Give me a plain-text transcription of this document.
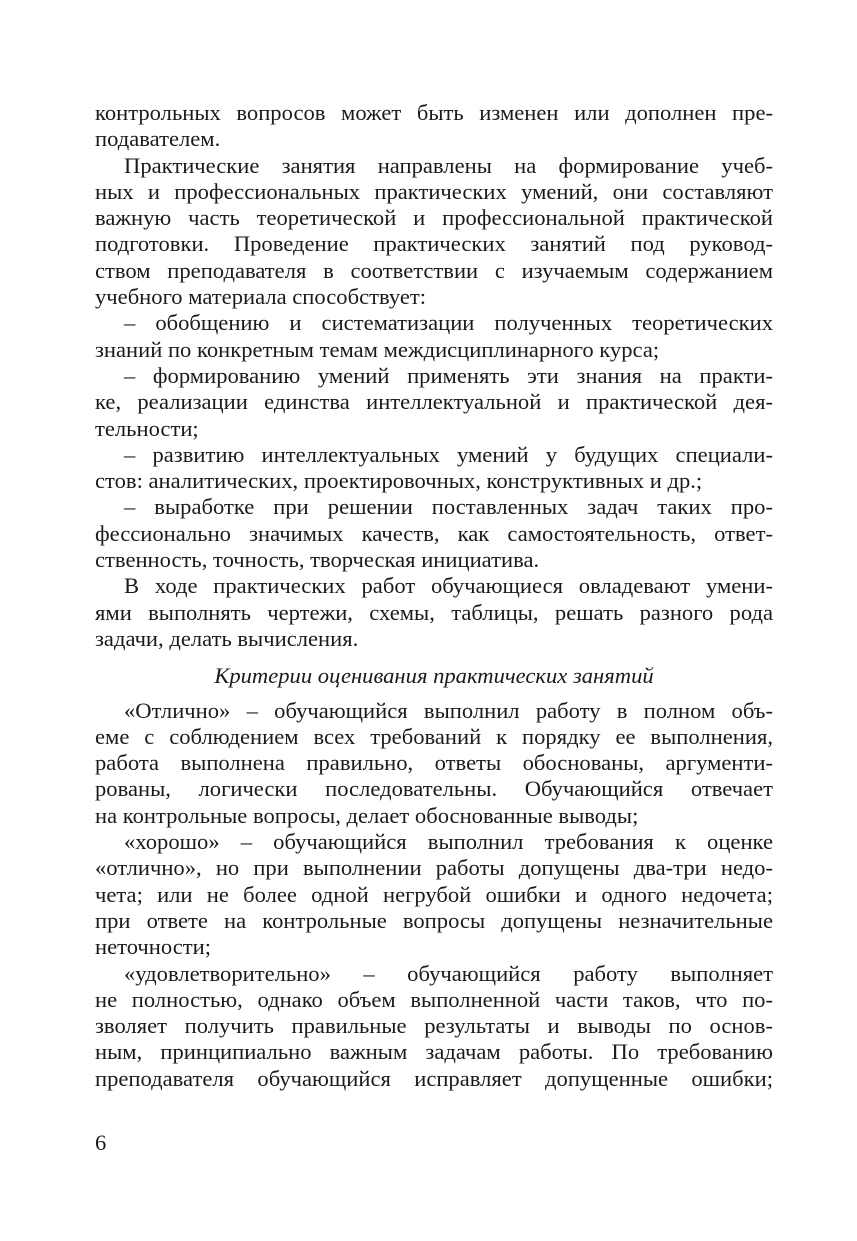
контрольных вопросов может быть изменен или дополнен пре-
подавателем.
Практические занятия направлены на формирование учеб-
ных и профессиональных практических умений, они составляют
важную часть теоретической и профессиональной практической
подготовки. Проведение практических занятий под руковод-
ством преподавателя в соответствии с изучаемым содержанием
учебного материала способствует:
– обобщению и систематизации полученных теоретических
знаний по конкретным темам междисциплинарного курса;
– формированию умений применять эти знания на практи-
ке, реализации единства интеллектуальной и практической дея-
тельности;
– развитию интеллектуальных умений у будущих специали-
стов: аналитических, проектировочных, конструктивных и др.;
– выработке при решении поставленных задач таких про-
фессионально значимых качеств, как самостоятельность, ответ-
ственность, точность, творческая инициатива.
В ходе практических работ обучающиеся овладевают умени-
ями выполнять чертежи, схемы, таблицы, решать разного рода
задачи, делать вычисления.
Критерии оценивания практических занятий
«Отлично» – обучающийся выполнил работу в полном объ-
еме с соблюдением всех требований к порядку ее выполнения,
работа выполнена правильно, ответы обоснованы, аргументи-
рованы, логически последовательны. Обучающийся отвечает
на контрольные вопросы, делает обоснованные выводы;
«хорошо» – обучающийся выполнил требования к оценке
«отлично», но при выполнении работы допущены два-три недо-
чета; или не более одной негрубой ошибки и одного недочета;
при ответе на контрольные вопросы допущены незначительные
неточности;
«удовлетворительно» – обучающийся работу выполняет
не полностью, однако объем выполненной части таков, что по-
зволяет получить правильные результаты и выводы по основ-
ным, принципиально важным задачам работы. По требованию
преподавателя обучающийся исправляет допущенные ошибки;
6
